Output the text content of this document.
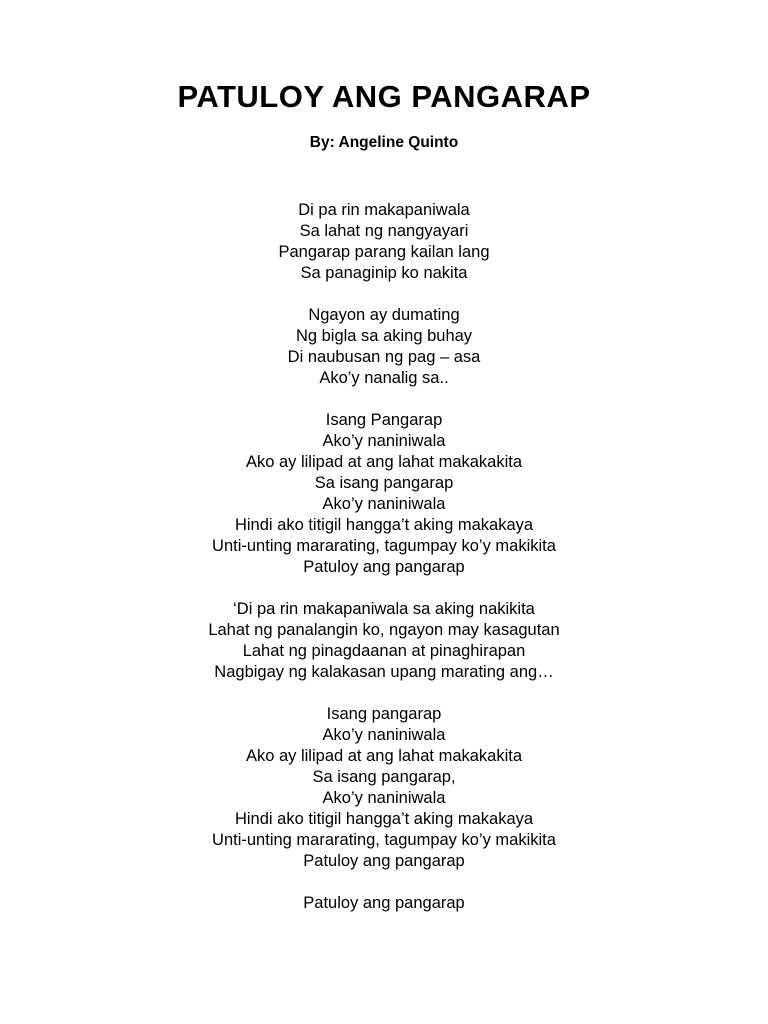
PATULOY ANG PANGARAP

By: Angeline Quinto

Di pa rin makapaniwala
Sa lahat ng nangyayari
Pangarap parang kailan lang
Sa panaginip ko nakita
Ngayon ay dumating
Ng bigla sa aking buhay
Di naubusan ng pag – asa
Ako’y nanalig sa..
Isang Pangarap
Ako’y naniniwala
Ako ay lilipad at ang lahat makakakita
Sa isang pangarap
Ako’y naniniwala
Hindi ako titigil hangga’t aking makakaya
Unti-unting mararating, tagumpay ko’y makikita
Patuloy ang pangarap
‘Di pa rin makapaniwala sa aking nakikita
Lahat ng panalangin ko, ngayon may kasagutan
Lahat ng pinagdaanan at pinaghirapan
Nagbigay ng kalakasan upang marating ang…
Isang pangarap
Ako’y naniniwala
Ako ay lilipad at ang lahat makakakita
Sa isang pangarap,
Ako’y naniniwala
Hindi ako titigil hangga’t aking makakaya
Unti-unting mararating, tagumpay ko’y makikita
Patuloy ang pangarap
Patuloy ang pangarap
